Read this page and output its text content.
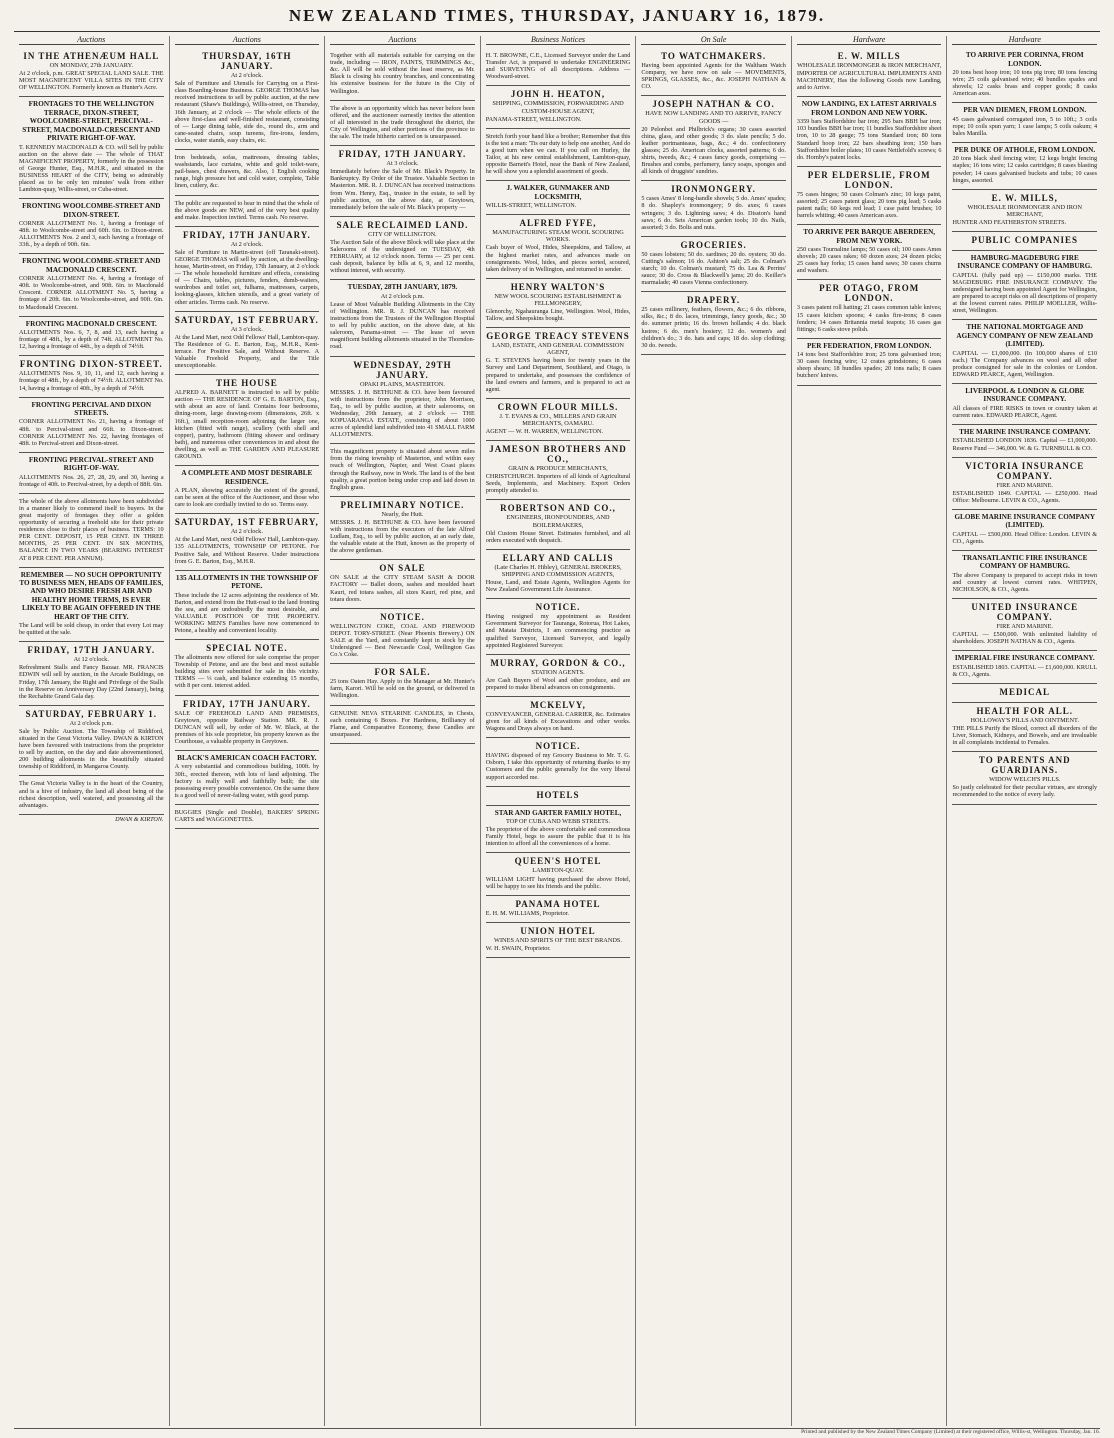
NEW ZEALAND TIMES, THURSDAY, JANUARY 16, 1879.
Auctions
IN THE ATHENÆUM HALL
ON MONDAY, 27th JANUARY.
At 2 o'clock, p.m. GREAT SPECIAL LAND SALE. THE MOST MAGNIFICENT VILLA SITES IN THE CITY OF WELLINGTON. Formerly known as Hunter's Acre.
FRONTAGES TO THE WELLINGTON TERRACE, DIXON-STREET, WOOLCOMBE-STREET, PERCIVAL-STREET, MACDONALD-CRESCENT AND PRIVATE RIGHT-OF-WAY.
T. KENNEDY MACDONALD & CO. will Sell by public auction on the above date — The whole of THAT MAGNIFICENT PROPERTY, formerly in the possession of George Hunter, Esq., M.H.R., and situated in the BUSINESS HEART of the CITY, being so admirably placed as to be only ten minutes' walk from either Lambton-quay, Willis-street, or Cuba-street.
FRONTING WOOLCOMBE-STREET AND DIXON-STREET.
CORNER ALLOTMENT No. 1, having a frontage of 48ft. to Woolcombe-street and 60ft. 6in. to Dixon-street. ALLOTMENTS Nos. 2 and 3, each having a frontage of 33ft., by a depth of 90ft. 6in.
FRONTING WOOLCOMBE-STREET AND MACDONALD CRESCENT.
CORNER ALLOTMENT No. 4, having a frontage of 40ft. to Woolcombe-street, and 90ft. 6in. to Macdonald Crescent. CORNER ALLOTMENT No. 5, having a frontage of 20ft. 6in. to Woolcombe-street, and 90ft. 6in. to Macdonald Crescent.
FRONTING MACDONALD CRESCENT.
ALLOTMENTS Nos. 6, 7, 8, and 13, each having a frontage of 48ft., by a depth of 74ft. ALLOTMENT No. 12, having a frontage of 44ft., by a depth of 74½ft.
FRONTING DIXON-STREET.
ALLOTMENTS Nos. 9, 10, 11, and 12, each having a frontage of 48ft., by a depth of 74½ft. ALLOTMENT No. 14, having a frontage of 40ft., by a depth of 74½ft.
FRONTING PERCIVAL AND DIXON STREETS.
CORNER ALLOTMENT No. 21, having a frontage of 48ft. to Percival-street and 66ft. to Dixon-street. CORNER ALLOTMENT No. 22, having frontages of 48ft. to Percival-street and Dixon-street.
FRONTING PERCIVAL-STREET AND RIGHT-OF-WAY.
ALLOTMENTS Nos. 26, 27, 28, 29, and 30, having a frontage of 40ft. to Percival-street, by a depth of 88ft. 6in.
The whole of the above allotments have been subdivided in a manner likely to commend itself to buyers. In the great majority of frontages they offer a golden opportunity of securing a freehold site for their private residences close to their places of business. TERMS: 10 PER CENT. DEPOSIT, 15 PER CENT. IN THREE MONTHS, 25 PER CENT. IN SIX MONTHS, BALANCE IN TWO YEARS (BEARING INTEREST AT 8 PER CENT. PER ANNUM).
REMEMBER — NO SUCH OPPORTUNITY TO BUSINESS MEN, HEADS OF FAMILIES, AND WHO DESIRE FRESH AIR AND HEALTHY HOME TERMS, IS EVER LIKELY TO BE AGAIN OFFERED IN THE HEART OF THE CITY.
The Land will be sold cheap, in order that every Lot may be quitted at the sale.
FRIDAY, 17TH JANUARY.
At 12 o'clock.
Refreshment Stalls and Fancy Bazaar. MR. FRANCIS EDWIN will sell by auction, in the Arcade Buildings, on Friday, 17th January, the Right and Privilege of the Stalls in the Reserve on Anniversary Day (22nd January), being the Rechabite Grand Gala day.
SATURDAY, FEBRUARY 1.
At 2 o'clock p.m.
Sale by Public Auction. The Township of Riddiford, situated in the Great Victoria Valley. DWAN & KIRTON have been favoured with instructions from the proprietor to sell by auction, on the day and date abovementioned, 200 building allotments in the beautifully situated township of Riddiford, in Mangaroa County.
The Great Victoria Valley is in the heart of the Country, and is a hive of industry, the land all about being of the richest description, well watered, and possessing all the advantages.
DWAN & KIRTON.
Auctions
THURSDAY, 16TH JANUARY.
At 2 o'clock.
Sale of Furniture and Utensils for Carrying on a First-class Boarding-house Business. GEORGE THOMAS has received instructions to sell by public auction, at the new restaurant (Shaw's Buildings), Willis-street, on Thursday, 16th January, at 2 o'clock — The whole effects of the above first-class and well-finished restaurant, consisting of — Large dining table, side do., round do., arm and cane-seated chairs, soup tureens, fire-irons, fenders, clocks, water stands, easy chairs, etc.
Iron bedsteads, sofas, mattresses, dressing tables, washstands, lace curtains, white and gold toilet-ware, pail-bases, chest drawers, &c. Also, 1 English cooking range, high pressure hot and cold water, complete, Table linen, cutlery, &c.
The public are requested to bear in mind that the whole of the above goods are NEW, and of the very best quality and make. Inspection invited. Terms cash. No reserve.
FRIDAY, 17TH JANUARY.
At 2 o'clock.
Sale of Furniture in Martin-street (off Taranaki-street). GEORGE THOMAS will sell by auction, at the dwelling-house, Martin-street, on Friday, 17th January, at 2 o'clock — The whole household furniture and effects, consisting of — Chairs, tables, pictures, fenders, dumb-waiters, wardrobes and toilet set, fulhams, mattresses, carpets, looking-glasses, kitchen utensils, and a great variety of other articles. Terms cash. No reserve.
SATURDAY, 1ST FEBRUARY.
At 3 o'clock.
At the Land Mart, next Odd Fellows' Hall, Lambton-quay. The Residence of G. E. Barton, Esq., M.H.R., Kent-terrace. For Positive Sale, and Without Reserve. A Valuable Freehold Property, and the Title unexceptionable.
THE HOUSE
ALFRED A. BARNETT is instructed to sell by public auction — THE RESIDENCE OF G. E. BARTON, Esq., with about an acre of land. Contains four bedrooms, dining-room, large drawing-room (dimensions, 26ft. x 16ft.), small reception-room adjoining the larger one, kitchen (fitted with range), scullery (with shell and copper), pantry, bathroom (fitting shower and ordinary bath), and numerous other conveniences in and about the dwelling, as well as THE GARDEN AND PLEASURE GROUND.
A COMPLETE AND MOST DESIRABLE RESIDENCE.
A PLAN, showing accurately the extent of the ground, can be seen at the office of the Auctioneer, and those who care to look are cordially invited to do so. Terms easy.
SATURDAY, 1ST FEBRUARY,
At 2 o'clock.
At the Land Mart, next Odd Fellows' Hall, Lambton-quay. 135 ALLOTMENTS, TOWNSHIP OF PETONE. For Positive Sale, and Without Reserve. Under instructions from G. E. Barton, Esq., M.H.R.
135 ALLOTMENTS IN THE TOWNSHIP OF PETONE.
These include the 12 acres adjoining the residence of Mr. Barton, and extend from the Hutt-road to the land fronting the sea, and are undoubtedly the most desirable, and VALUABLE POSITION OF THE PROPERTY. WORKING MEN'S Families have now commenced to Petone, a healthy and convenient locality.
SPECIAL NOTE.
The allotments now offered for sale comprise the proper Township of Petone, and are the best and most suitable building sites ever submitted for sale in this vicinity. TERMS — ⅓ cash, and balance extending 15 months, with 8 per cent. interest added.
FRIDAY, 17TH JANUARY.
SALE OF FREEHOLD LAND AND PREMISES, Greytown, opposite Railway Station. MR. R. J. DUNCAN will sell, by order of Mr. W. Black, at the premises of his sole proprietor, his property known as the Courthouse, a valuable property in Greytown.
BLACK'S AMERICAN COACH FACTORY.
A very substantial and commodious building, 100ft. by 30ft., erected thereon, with lots of land adjoining. The factory is really well and faithfully built; the site possessing every possible convenience. On the same there is a good well of never-failing water, with good pump.
BUGGIES (Single and Double), BAKERS' SPRING CARTS and WAGGONETTES.
Auctions
Together with all materials suitable for carrying on the trade, including — IRON, FAINTS, TRIMMINGS &c., &c. All will be sold without the least reserve, as Mr. Black is closing his country branches, and concentrating his extensive business for the future in the City of Wellington.
The above is an opportunity which has never before been offered, and the auctioneer earnestly invites the attention of all interested in the trade throughout the district, the City of Wellington, and other portions of the province to the sale. The trade hitherto carried on is unsurpassed.
FRIDAY, 17TH JANUARY.
At 3 o'clock.
Immediately before the Sale of Mr. Black's Property. In Bankruptcy. By Order of the Trustee. Valuable Section in Masterton. MR. R. J. DUNCAN has received instructions from Wm. Henry, Esq., trustee in the estate, to sell by public auction, on the above date, at Greytown, immediately before the sale of Mr. Black's property —
SALE RECLAIMED LAND.
CITY OF WELLINGTON.
The Auction Sale of the above Block will take place at the Salerooms of the undersigned on TUESDAY, 4th FEBRUARY, at 12 o'clock noon. Terms — 25 per cent. cash deposit, balance by bills at 6, 9, and 12 months, without interest, with security.
TUESDAY, 28TH JANUARY, 1879.
At 2 o'clock p.m.
Lease of Most Valuable Building Allotments in the City of Wellington. MR. R. J. DUNCAN has received instructions from the Trustees of the Wellington Hospital to sell by public auction, on the above date, at his saleroom, Panama-street — The lease of seven magnificent building allotments situated in the Thorndon-road.
WEDNESDAY, 29TH JANUARY.
OPAKI PLAINS, MASTERTON.
MESSRS. J. H. BETHUNE & CO. have been favoured with instructions from the proprietor, John Morrison, Esq., to sell by public auction, at their salerooms, on Wednesday, 29th January, at 2 o'clock — THE KOPUARANGA ESTATE, consisting of about 1000 acres of splendid land subdivided into 41 SMALL FARM ALLOTMENTS.
This magnificent property is situated about seven miles from the rising township of Masterton, and within easy reach of Wellington, Napier, and West Coast places through the Railway, now in Work. The land is of the best quality, a great portion being under crop and laid down in English grass.
PRELIMINARY NOTICE.
Nearly, the Hutt.
MESSRS. J. H. BETHUNE & CO. have been favoured with instructions from the executors of the late Alfred Ludlam, Esq., to sell by public auction, at an early date, the valuable estate at the Hutt, known as the property of the above gentleman.
ON SALE
ON SALE at the CITY STEAM SASH & DOOR FACTORY — Ballet doors, sashes and moulded heart Kauri, red totara sashes, all sizes Kauri, red pine, and totara doors.
NOTICE.
WELLINGTON COKE, COAL AND FIREWOOD DEPOT. TORY-STREET. (Near Phoenix Brewery.) ON SALE at the Yard, and constantly kept in stock by the Undersigned — Best Newcastle Coal, Wellington Gas Co.'s Coke.
FOR SALE.
25 tons Oaten Hay. Apply to the Manager at Mr. Hunter's farm, Karori. Will be sold on the ground, or delivered in Wellington.
GENUINE NEVA STEARINE CANDLES, in Chests, each containing 6 Boxes. For Hardness, Brilliancy of Flame, and Comparative Economy, these Candles are unsurpassed.
Business Notices
H. T. BROWNE, C.E., Licensed Surveyor under the Land Transfer Act, is prepared to undertake ENGINEERING and SURVEYING of all descriptions. Address — Woodward-street.
JOHN H. HEATON,
SHIPPING, COMMISSION, FORWARDING AND CUSTOM-HOUSE AGENT,
PANAMA-STREET, WELLINGTON.
Stretch forth your hand like a brother; Remember that this is the test a man: 'Tis our duty to help one another, And do a good turn when we can. If you call on Hurley, the Tailor, at his new central establishment, Lambton-quay, opposite Barnett's Hotel, near the Bank of New Zealand, he will show you a splendid assortment of goods.
J. WALKER, GUNMAKER AND LOCKSMITH,
WILLIS-STREET, WELLINGTON.
ALFRED FYFE,
MANUFACTURING STEAM WOOL SCOURING WORKS.
Cash buyer of Wool, Hides, Sheepskins, and Tallow, at the highest market rates, and advances made on consignments. Wool, hides, and pieces sorted, scoured, taken delivery of in Wellington, and returned to sender.
HENRY WALTON'S
NEW WOOL SCOURING ESTABLISHMENT & FELLMONGERY,
Glenorchy, Ngahauranga Line, Wellington. Wool, Hides, Tallow, and Sheepskins bought.
GEORGE TREACY STEVENS
LAND, ESTATE, AND GENERAL COMMISSION AGENT,
G. T. STEVENS having been for twenty years in the Survey and Land Department, Southland, and Otago, is prepared to undertake, and possesses the confidence of the land owners and farmers, and is prepared to act as agent.
CROWN FLOUR MILLS.
J. T. EVANS & CO., MILLERS AND GRAIN MERCHANTS, OAMARU.
AGENT — W. H. WARREN, WELLINGTON.
JAMESON BROTHERS AND CO.,
GRAIN & PRODUCE MERCHANTS,
CHRISTCHURCH. Importers of all kinds of Agricultural Seeds, Implements, and Machinery. Export Orders promptly attended to.
ROBERTSON AND CO.,
ENGINEERS, IRONFOUNDERS, AND BOILERMAKERS,
Old Custom House Street. Estimates furnished, and all orders executed with despatch.
ELLARY AND CALLIS
(Late Charles H. Hibley), GENERAL BROKERS, SHIPPING AND COMMISSION AGENTS,
House, Land, and Estate Agents, Wellington Agents for New Zealand Government Life Assurance.
NOTICE.
Having resigned my appointment as Resident Government Surveyor for Tauranga, Rotorua, Hot Lakes, and Matata Districts, I am commencing practice as qualified Surveyor, Licensed Surveyor, and legally appointed Registered Surveyor.
MURRAY, GORDON & CO.,
STATION AGENTS.
Are Cash Buyers of Wool and other produce, and are prepared to make liberal advances on consignments.
MCKELVY,
CONVEYANCER, GENERAL CARRIER, &c. Estimates given for all kinds of Excavations and other works. Wagons and Drays always on hand.
NOTICE.
HAVING disposed of my Grocery Business to Mr. T. G. Osborn, I take this opportunity of returning thanks to my Customers and the public generally for the very liberal support accorded me.
HOTELS
STAR AND GARTER FAMILY HOTEL,
TOP OF CUBA AND WEBB STREETS.
The proprietor of the above comfortable and commodious Family Hotel, begs to assure the public that it is his intention to afford all the conveniences of a home.
QUEEN'S HOTEL
LAMBTON-QUAY.
WILLIAM LIGHT having purchased the above Hotel, will be happy to see his friends and the public.
PANAMA HOTEL
E. H. M. WILLIAMS, Proprietor.
UNION HOTEL
WINES AND SPIRITS OF THE BEST BRANDS.
W. H. SWAIN, Proprietor.
On Sale
TO WATCHMAKERS.
Having been appointed Agents for the Waltham Watch Company, we have now on sale — MOVEMENTS, SPRINGS, GLASSES, &c., &c. JOSEPH NATHAN & CO.
JOSEPH NATHAN & CO.
HAVE NOW LANDING AND TO ARRIVE, FANCY GOODS —
20 Pelonbet and Philbrick's organs; 30 cases assorted china, glass, and other goods; 3 do. slate pencils; 5 do. leather portmanteaus, bags, &c.; 4 do. confectionery glasses; 25 do. American clocks, assorted patterns; 6 do. shirts, tweeds, &c.; 4 cases fancy goods, comprising — Brushes and combs, perfumery, fancy soaps, sponges and all kinds of druggists' sundries.
IRONMONGERY.
5 cases Ames' 8 long-handle shovels; 5 do. Ames' spades; 8 do. Shapley's ironmongery; 9 do. axes; 6 cases wringers; 3 do. Lightning saws; 4 do. Disston's hand saws; 6 do. Sets American garden tools; 10 do. Nails, assorted; 3 do. Bolts and nuts.
GROCERIES.
50 cases lobsters; 50 do. sardines; 20 do. oysters; 30 do. Cutting's salmon; 16 do. Ashton's salt; 25 do. Colman's starch; 10 do. Colman's mustard; 75 do. Lea & Perrins' sauce; 30 do. Cross & Blackwell's jams; 20 do. Keiller's marmalade; 40 cases Vienna confectionery.
DRAPERY.
25 cases millinery, feathers, flowers, &c.; 6 do. ribbons, silks, &c.; 8 do. laces, trimmings, fancy goods, &c.; 30 do. summer prints; 16 do. brown hollands; 4 do. black lustres; 6 do. men's hosiery; 12 do. women's and children's do.; 3 do. hats and caps; 18 do. slop clothing; 30 do. tweeds.
Hardware
E. W. MILLS
WHOLESALE IRONMONGER & IRON MERCHANT,
IMPORTER OF AGRICULTURAL IMPLEMENTS AND MACHINERY, Has the following Goods now Landing, and to Arrive.
NOW LANDING, EX LATEST ARRIVALS FROM LONDON AND NEW YORK.
3359 bars Staffordshire bar iron; 295 bars BBH bar iron; 103 bundles BBH bar iron; 11 bundles Staffordshire sheet iron, 10 to 28 gauge; 75 tons Standard iron; 80 tons Standard hoop iron; 22 bars sheathing iron; 150 bars Staffordshire boiler plates; 10 cases Nettlefold's screws; 6 do. Hornby's patent locks.
PER ELDERSLIE, FROM LONDON.
75 cases hinges; 50 cases Colman's zinc; 10 kegs paint, assorted; 25 cases patent glass; 20 tons pig lead; 5 casks patent nails; 60 kegs red lead; 1 case paint brushes; 10 barrels whiting; 40 cases American axes.
TO ARRIVE PER BARQUE ABERDEEN, FROM NEW YORK.
250 cases Tournaline lamps; 50 cases oil; 100 cases Ames shovels; 20 cases rakes; 60 dozen axes; 24 dozen picks; 25 cases hay forks; 15 cases hand saws; 30 cases churns and washers.
PER OTAGO, FROM LONDON.
3 cases patent roll hatting; 21 cases common table knives; 15 cases kitchen spoons; 4 casks fire-irons; 8 cases fenders; 14 cases Britannia metal teapots; 16 cases gas fittings; 6 casks stove polish.
PER FEDERATION, FROM LONDON.
14 tons best Staffordshire iron; 25 tons galvanised iron; 30 cases fencing wire; 12 crates grindstones; 6 cases sheep shears; 18 bundles spades; 20 tons nails; 8 cases butchers' knives.
Hardware
TO ARRIVE PER CORINNA, FROM LONDON.
20 tons best hoop iron; 10 tons pig iron; 80 tons fencing wire; 25 coils galvanised wire; 40 bundles spades and shovels; 12 casks brass and copper goods; 8 casks American axes.
PER VAN DIEMEN, FROM LONDON.
45 cases galvanised corrugated iron, 5 to 10ft.; 3 coils rope; 10 coils spun yarn; 1 case lamps; 5 coils oakum; 4 bales Manilla.
PER DUKE OF ATHOLE, FROM LONDON.
20 tons black shed fencing wire; 12 kegs bright fencing staples; 16 tons wire; 12 casks cartridges; 8 cases blasting powder; 14 cases galvanised buckets and tubs; 10 cases hinges, assorted.
E. W. MILLS,
WHOLESALE IRONMONGER AND IRON MERCHANT,
HUNTER AND FEATHERSTON STREETS.
PUBLIC COMPANIES
HAMBURG-MAGDEBURG FIRE INSURANCE COMPANY OF HAMBURG.
CAPITAL (fully paid up) — £150,000 marks. THE MAGDEBURG FIRE INSURANCE COMPANY. The undersigned having been appointed Agent for Wellington, are prepared to accept risks on all descriptions of property at the lowest current rates. PHILIP MOELLER, Willis-street, Wellington.
THE NATIONAL MORTGAGE AND AGENCY COMPANY OF NEW ZEALAND (LIMITED).
CAPITAL — £1,000,000. (In 100,000 shares of £10 each.) The Company advances on wool and all other produce consigned for sale in the colonies or London. EDWARD PEARCE, Agent, Wellington.
LIVERPOOL & LONDON & GLOBE INSURANCE COMPANY.
All classes of FIRE RISKS in town or country taken at current rates. EDWARD PEARCE, Agent.
THE MARINE INSURANCE COMPANY.
ESTABLISHED LONDON 1836. Capital — £1,000,000. Reserve Fund — 346,000. W. & G. TURNBULL & CO.
VICTORIA INSURANCE COMPANY.
FIRE AND MARINE.
ESTABLISHED 1849. CAPITAL — £250,000. Head Office: Melbourne. LEVIN & CO., Agents.
GLOBE MARINE INSURANCE COMPANY (LIMITED).
CAPITAL — £500,000. Head Office: London. LEVIN & CO., Agents.
TRANSATLANTIC FIRE INSURANCE COMPANY OF HAMBURG.
The above Company is prepared to accept risks in town and country at lowest current rates. WHITPEN, NICHOLSON, & CO., Agents.
UNITED INSURANCE COMPANY.
FIRE AND MARINE.
CAPITAL — £500,000. With unlimited liability of shareholders. JOSEPH NATHAN & CO., Agents.
IMPERIAL FIRE INSURANCE COMPANY.
ESTABLISHED 1803. CAPITAL — £1,600,000. KRULL & CO., Agents.
MEDICAL
HEALTH FOR ALL.
HOLLOWAY'S PILLS AND OINTMENT.
THE PILLS Purify the Blood, correct all disorders of the Liver, Stomach, Kidneys, and Bowels, and are invaluable in all complaints incidental to Females.
TO PARENTS AND GUARDIANS.
WIDOW WELCH'S PILLS.
So justly celebrated for their peculiar virtues, are strongly recommended to the notice of every lady.
Printed and published by the New Zealand Times Company (Limited) at their registered office, Willis-st, Wellington. Thursday, Jan. 16.
